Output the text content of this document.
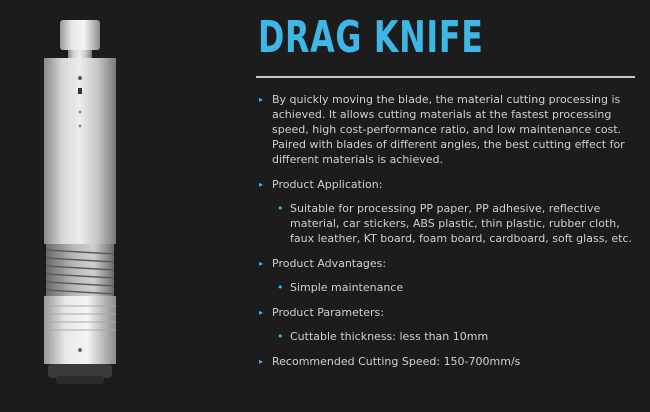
DRAG KNIFE
▸ By quickly moving the blade, the material cutting processing is achieved. It allows cutting materials at the fastest processing speed, high cost-performance ratio, and low maintenance cost. Paired with blades of different angles, the best cutting effect for different materials is achieved.
▸ Product Application:
• Suitable for processing PP paper, PP adhesive, reflective material, car stickers, ABS plastic, thin plastic, rubber cloth, faux leather, KT board, foam board, cardboard, soft glass, etc.
▸ Product Advantages:
• Simple maintenance
▸ Product Parameters:
• Cuttable thickness: less than 10mm
▸ Recommended Cutting Speed: 150-700mm/s
